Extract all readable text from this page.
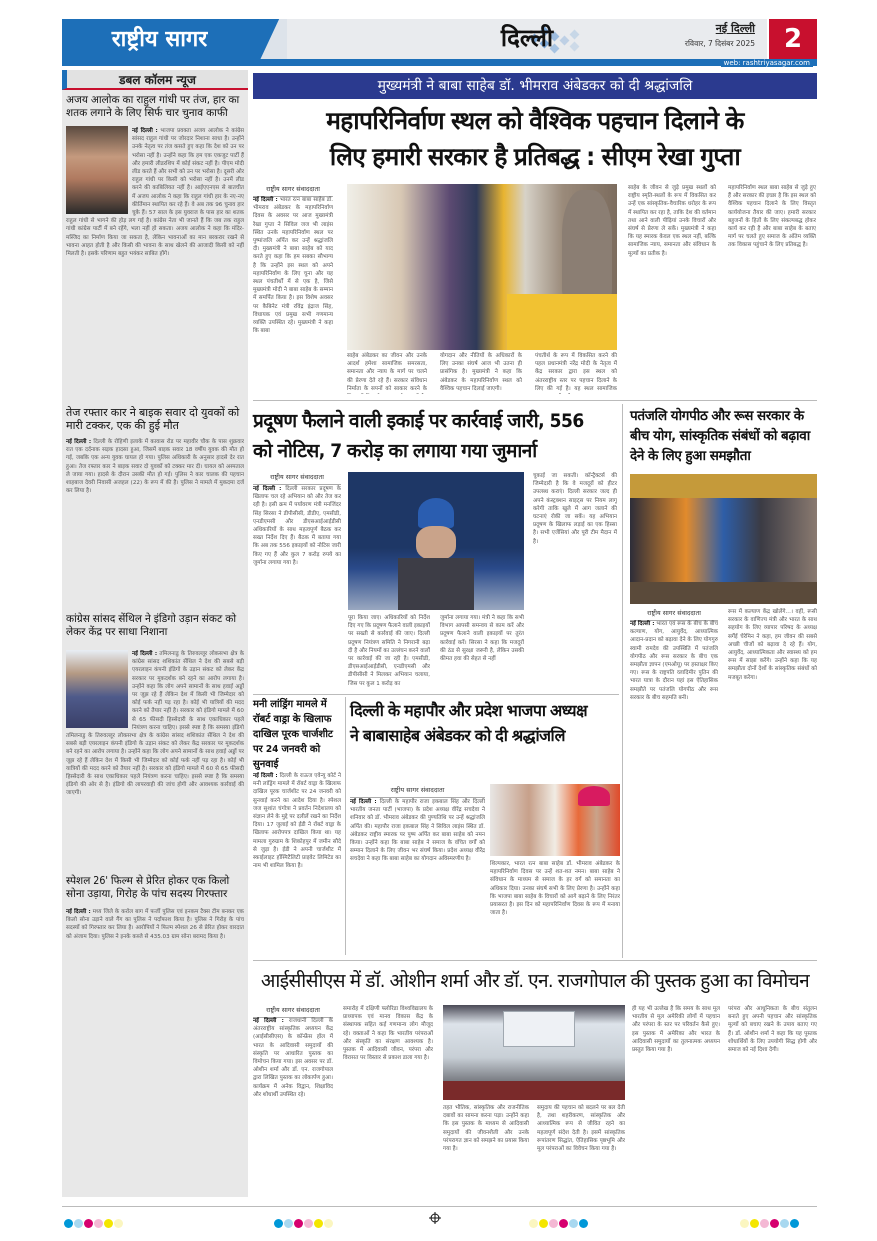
राष्ट्रीय सागर	दिल्ली	नई दिल्ली
रविवार, 7 दिसंबर 2025	2
web: rashtriyasagar.com
डबल कॉलम न्यूज
अजय आलोक का राहुल गांधी पर तंज, हार का शतक लगाने के लिए सिर्फ चार चुनाव काफी
नई दिल्ली : भाजपा प्रवक्ता अजय आलोक ने कांग्रेस सांसद राहुल गांधी पर जोरदार निशाना साधा है। उन्होंने उनके नेतृत्व पर तंज कसते हुए कहा कि देश को उन पर भरोसा नहीं है। उन्होंने कहा कि हम एक एकजुट पार्टी हैं और हमारी लीडरशिप में कोई संकट नहीं है। पीएम मोदी लीड करते हैं और सभी को उन पर भरोसा है। दूसरी ओर राहुल गांधी पर किसी को भरोसा नहीं है। उनमें लीड करने की काबिलियत नहीं है। आईएएनएस से बातचीत में अजय आलोक ने कहा कि राहुल गांधी हार के नए-नए कीर्तिमान स्थापित कर रहे हैं। वे अब तक 96 चुनाव हार चुके हैं। 57 साल के इस युवराज के पास हार का शतक
राहुल गांधी से भागने की होड़ लग गई है। कांग्रेस नेता भी जानते हैं कि जब तक राहुल गांधी कांग्रेस पार्टी में बने रहेंगे, भला नहीं हो सकता। अजय आलोक ने कहा कि मंदिर-मस्जिद का निर्माण किया जा सकता है, लेकिन भावनाओं का मान बरकरार रखने से भावना आहत होती है और किसी की भावना के साथ खेलने की आजादी किसी को नहीं मिलती है। इसके परिणाम बहुत भयंकर साबित होंगे।
तेज रफ्तार कार ने बाइक सवार दो युवकों को मारी टक्कर, एक की हुई मौत
नई दिल्ली : दिल्ली के रोहिणी इलाके में कावास रोड पर महावीर चौक के पास शुक्रवार रात एक दर्दनाक सड़क हादसा हुआ, जिसमें बाइक सवार 18 वर्षीय युवक की मौत हो गई, जबकि एक अन्य युवक घायल हो गया। पुलिस अधिकारी के अनुसार हादसे देर रात हुआ। तेज रफ्तार कार ने बाइक सवार दो युवकों को टक्कर मार दी। घायल को अस्पताल ले जाया गया। हादसे के दौरान उसकी मौत हो गई। पुलिस ने कार चालक की पहचान शाहबाज देवरी निवासी अजहल (22) के रूप में की है। पुलिस ने मामले में मुकदमा दर्ज कर लिया है।
कांग्रेस सांसद सेंथिल ने इंडिगो उड़ान संकट को लेकर केंद्र पर साधा निशाना
नई दिल्ली : तमिलनाडु के तिरुवल्लूर लोकसभा क्षेत्र के कांग्रेस सांसद शशिकांत सेंथिल ने देश की सबसे बड़ी एयरलाइन कंपनी इंडिगो के उड़ान संकट को लेकर केंद्र सरकार पर मूकदर्शक बने रहने का आरोप लगाया है। उन्होंने कहा कि लोग अपने सामानों के साथ हवाई अड्डों पर जूझ रहे हैं लेकिन देश में किसी भी जिम्मेदार को कोई फर्क नहीं पड़ रहा है। कोई भी यात्रियों की मदद करने को तैयार नहीं है। सरकार को इंडिगो मामले में 60 से 65 फीसदी हिस्सेदारी के साथ एकाधिकार पहले नियंत्रण करना चाहिए। इससे स्पष्ट है कि समस्या इंडिगो
तमिलनाडु के तिरुवल्लूर लोकसभा क्षेत्र के कांग्रेस सांसद शशिकांत सेंथिल ने देश की सबसे बड़ी एयरलाइन कंपनी इंडिगो के उड़ान संकट को लेकर केंद्र सरकार पर मूकदर्शक बने रहने का आरोप लगाया है। उन्होंने कहा कि लोग अपने सामानों के साथ हवाई अड्डों पर जूझ रहे हैं लेकिन देश में किसी भी जिम्मेदार को कोई फर्क नहीं पड़ रहा है। कोई भी यात्रियों की मदद करने को तैयार नहीं है। सरकार को इंडिगो मामले में 60 से 65 फीसदी हिस्सेदारी के साथ एकाधिकार पहले नियंत्रण करना चाहिए। इससे स्पष्ट है कि समस्या इंडिगो की ओर से है। इंडिगो की लापरवाही की जांच होगी और आवश्यक कार्रवाई की जाएगी।
स्पेशल 26' फिल्म से प्रेरित होकर एक किलो सोना उड़ाया, गिरोह के पांच सदस्य गिरफ्तार
नई दिल्ली : मध्य जिले के करोल बाग में फर्जी पुलिस एवं इनकम टैक्स टीम बनकर एक किलो सोना उड़ाने वाले गैंग का पुलिस ने पर्दाफाश किया है। पुलिस ने गिरोह के पांच सदस्यों को गिरफ्तार कर लिया है। आरोपियों ने फिल्म स्पेशल 26 से प्रेरित होकर वारदात को अंजाम दिया। पुलिस ने इनके कब्जे से 435.03 ग्राम सोना बरामद किया है।
मुख्यमंत्री ने बाबा साहेब डॉ. भीमराव अंबेडकर को दी श्रद्धांजलि
महापरिनिर्वाण स्थल को वैश्विक पहचान दिलाने के
लिए हमारी सरकार है प्रतिबद्ध : सीएम रेखा गुप्ता
राष्ट्रीय सागर संवाददाता
नई दिल्ली : भारत रत्न बाबा साहेब डॉ. भीमराव अंबेडकर के महापरिनिर्वाण दिवस के अवसर पर आज मुख्यमंत्री रेखा गुप्ता ने सिविल जज भी लाइंस स्थित उनके महापरिनिर्वाण स्थल पर पुष्पांजलि अर्पित कर उन्हें श्रद्धांजलि दी। मुख्यमंत्री ने बाबा साहेब को याद करते हुए कहा कि हम सबका सौभाग्य है कि उन्होंने इस स्थल को अपने महापरिनिर्वाण के लिए चुना और यह स्थल पंचतीर्थों में से एक है, जिसे मुख्यमंत्री मोदी ने बाबा साहेब के सम्मान में समर्पित किया है। इस विशेष अवसर पर कैबिनेट मंत्री रविंद्र इंद्राज सिंह, विधायक एवं प्रमुख सभी गणमान्य व्यक्ति उपस्थित रहे। मुख्यमंत्री ने कहा कि बाबा
साहेब अंबेडकर का जीवन और उनके आदर्श हमेशा सामाजिक समरसता, समानता और न्याय के मार्ग पर चलने की प्रेरणा देते रहे हैं। सरकार संविधान निर्माता के सपनों को साकार करने के
योगदान और नीतियों के अधिकारों के लिए उनका संघर्ष आज भी उतना ही प्रासंगिक है। मुख्यमंत्री ने कहा कि अंबेडकर के महापरिनिर्वाण स्थल को वैश्विक पहचान दिलाई जाएगी।
पंचतीर्थ के रूप में विकसित करने की पहल प्रधानमंत्री नरेंद्र मोदी के नेतृत्व में केंद्र सरकार द्वारा इस स्थल को अंतरराष्ट्रीय स्तर पर पहचान दिलाने के लिए की गई है। यह स्थल सामाजिक
साहेब के जीवन से जुड़े प्रमुख स्थलों को राष्ट्रीय स्मृति-स्थलों के रूप में विकसित कर उन्हें एक सांस्कृतिक-वैचारिक धरोहर के रूप में स्थापित कर रहा है, ताकि देश की वर्तमान तथा आने वाली पीढ़ियां उनके विचारों और संघर्ष से प्रेरणा ले सकें। मुख्यमंत्री ने कहा कि यह स्मारक केवल एक स्थल नहीं, बल्कि सामाजिक न्याय, समानता और संविधान के मूल्यों का प्रतीक है।
महापरिनिर्वाण स्थल बाबा साहेब से जुड़े हुए हैं और सरकार की इच्छा है कि इस स्थल को वैश्विक पहचान दिलाने के लिए विस्तृत कार्ययोजना तैयार की जाए। हमारी सरकार बहुजनों के हितों के लिए संकल्पबद्ध होकर कार्य कर रही है और बाबा साहेब के बताए मार्ग पर चलते हुए समाज के अंतिम व्यक्ति तक विकास पहुंचाने के लिए प्रतिबद्ध है।
प्रदूषण फैलाने वाली इकाई पर कार्रवाई जारी, 556
को नोटिस, 7 करोड़ का लगाया गया जुमार्ना
राष्ट्रीय सागर संवाददाता
नई दिल्ली : दिल्ली सरकार प्रदूषण के खिलाफ चल रहे अभियान को और तेज कर रही है। इसी क्रम में पर्यावरण मंत्री मनजिंदर सिंह सिरसा ने डीपीसीसी, डीडीए, एमसीडी, एनडीएमसी और डीएसआईआईडीसी अधिकारियों के साथ महत्वपूर्ण बैठक कर सख्त निर्देश दिए हैं। बैठक में बताया गया कि अब तक 556 इकाइयों को नोटिस जारी किए गए हैं और कुल 7 करोड़ रुपये का जुर्माना लगाया गया है।
पूरा किया जाए। अधिकारियों को निर्देश दिए गए कि प्रदूषण फैलाने वाली इकाइयों पर सख्ती से कार्रवाई की जाए। दिल्ली प्रदूषण नियंत्रण समिति ने निगरानी बढ़ा दी है और नियमों का उल्लंघन करने वालों पर कार्रवाई की जा रही है। एमसीडी, डीएसआईआईडीसी, एनडीएमसी और डीपीसीसी ने मिलकर अभियान चलाया, जिस पर कुल 1 करोड़ का
जुर्माना लगाया गया। मंत्री ने कहा कि सभी विभाग आपसी समन्वय से काम करें और प्रदूषण फैलाने वाली इकाइयों पर तुरंत कार्रवाई करें। सिरसा ने कहा कि मजदूरों की ठंड से सुरक्षा जरूरी है, लेकिन उसकी कीमत हवा की सेहत से नहीं
चुकाई जा सकती। कॉन्ट्रैक्टर्स की जिम्मेदारी है कि वे मजदूरों को हीटर उपलब्ध कराएं। दिल्ली सरकार जल्द ही अपने कंस्ट्रक्शन साइट्स पर नियम लागू करेगी ताकि खुले में आग जलाने की घटनाएं रोकी जा सकें। यह अभियान प्रदूषण के खिलाफ लड़ाई का एक हिस्सा है। सभी एजेंसियां और पूरी टीम मैदान में है।
पतंजलि योगपीठ और रूस सरकार के बीच योग, सांस्कृतिक संबंधों को बढ़ावा देने के लिए हुआ समझौता
राष्ट्रीय सागर संवाददाता
नई दिल्ली : भारत एवं रूस के बीच के बीच कल्याण, योग, आयुर्वेद, आध्यात्मिक आदान-प्रदान को बढ़ावा देने के लिए योगगुरु स्वामी रामदेव की उपस्थिति में पतंजलि योगपीठ और रूस सरकार के बीच एक समझौता ज्ञापन (एमओयू) पर हस्ताक्षर किए गए। रूस के राष्ट्रपति व्लादिमीर पुतिन की भारत यात्रा के दौरान यहां इस ऐतिहासिक समझौते पर पतंजलि योगपीठ और रूस सरकार के बीच सहमति बनी।
रूस में कल्याण केंद्र खोलेंगे...। वहीं, रूसी सरकार के वाणिज्य मंत्री और भारत के साथ सहयोग के लिए व्यापार परिषद के अध्यक्ष सर्गेई चेरेमिन ने कहा, हम जीवन की सबसे अच्छी चीजों को बढ़ावा दे रहे हैं। योग, आयुर्वेद, आध्यात्मिकता और स्वास्थ्य को हम रूस में साझा करेंगे। उन्होंने कहा कि यह समझौता दोनों देशों के सांस्कृतिक संबंधों को मजबूत करेगा।
मनी लांड्रिंग मामले में रॉबर्ट वाड्रा के खिलाफ दाखिल पूरक चार्जशीट पर 24 जनवरी को सुनवाई
नई दिल्ली : दिल्ली के राऊज एवेन्यू कोर्ट ने मनी लांड्रिंग मामले में रॉबर्ट वाड्रा के खिलाफ दाखिल पूरक चार्जशीट पर 24 जनवरी को सुनवाई करने का आदेश दिया है। स्पेशल जज सुशांत चंगोत्रा ने प्रवर्तन निदेशालय को संज्ञान लेने के मुद्दे पर दलीलें रखने का निर्देश दिया। 17 जुलाई को ईडी ने रॉबर्ट वाड्रा के खिलाफ आरोपपत्र दाखिल किया था। यह मामला गुरुग्राम के शिकोहपुर में जमीन सौदे से जुड़ा है। ईडी ने अपनी चार्जशीट में स्काईलाइट हॉस्पिटैलिटी प्राइवेट लिमिटेड का नाम भी शामिल किया है।
दिल्ली के महापौर और प्रदेश भाजपा अध्यक्ष
ने बाबासाहेब अंबेडकर को दी श्रद्धांजलि
राष्ट्रीय सागर संवाददाता
नई दिल्ली : दिल्ली के महापौर राजा इकबाल सिंह और दिल्ली भारतीय जनता पार्टी (भाजपा) के प्रदेश अध्यक्ष वीरेंद्र सचदेवा ने शनिवार को डॉ. भीमराव अंबेडकर की पुण्यतिथि पर उन्हें श्रद्धांजलि अर्पित की। महापौर राजा इकबाल सिंह ने सिविल लाइंस स्थित डॉ. अंबेडकर राष्ट्रीय स्मारक पर पुष्प अर्पित कर बाबा साहेब को नमन किया। उन्होंने कहा कि बाबा साहेब ने समाज के वंचित वर्गों को सम्मान दिलाने के लिए जीवन भर संघर्ष किया। प्रदेश अध्यक्ष वीरेंद्र सचदेवा ने कहा कि बाबा साहेब का योगदान अविस्मरणीय है।
शिल्पकार, भारत रत्न बाबा साहेब डॉ. भीमराव अंबेडकर के महापरिनिर्वाण दिवस पर उन्हें शत-शत नमन। बाबा साहेब ने संविधान के माध्यम से समाज के हर वर्ग को समानता का अधिकार दिया। उनका संघर्ष सभी के लिए प्रेरणा है। उन्होंने कहा कि भाजपा बाबा साहेब के विचारों को आगे बढ़ाने के लिए निरंतर प्रयासरत है। इस दिन को महापरिनिर्वाण दिवस के रूप में मनाया जाता है।
आईसीसीएस में डॉ. ओशीन शर्मा और डॉ. एन. राजगोपाल की पुस्तक हुआ का विमोचन
राष्ट्रीय सागर संवाददाता
नई दिल्ली : राजधानी दिल्ली के अंतरराष्ट्रीय सांस्कृतिक अध्ययन केंद्र (आईसीसीएस) के कॉन्फ्रेंस हॉल में भारत के आदिवासी समुदायों की संस्कृति पर आधारित पुस्तक का विमोचन किया गया। इस अवसर पर डॉ. ओशीन शर्मा और डॉ. एन. राजगोपाल द्वारा लिखित पुस्तक का लोकार्पण हुआ। कार्यक्रम में अनेक विद्वान, शिक्षाविद और शोधार्थी उपस्थित रहे।
समारोह में दक्षिणी फ्लोरिडा विश्वविद्यालय के प्राध्यापक एवं मानव विकास केंद्र के संस्थापक सहित कई गणमान्य लोग मौजूद रहे। वक्ताओं ने कहा कि भारतीय परंपराओं और संस्कृति का संरक्षण आवश्यक है। पुस्तक में आदिवासी जीवन, परंपरा और विरासत पर विस्तार से प्रकाश डाला गया है।
तहत भौतिक, सांस्कृतिक और राजनीतिक दबावों का सामना करना पड़ा। उन्होंने कहा कि इस पुस्तक के माध्यम से आदिवासी समुदायों की जीवनशैली और उनके परंपरागत ज्ञान को समझने का प्रयास किया गया है।
समुदाय की पहचान को बदलने पर बल देती है, तथा शहरीकरण, सांस्कृतिक और आध्यात्मिक रूप से जीवित रहने का महत्वपूर्ण संदेश देती है। इसमें सांस्कृतिक रूपांतरण सिद्धांत, ऐतिहासिक पृष्ठभूमि और मूल परंपराओं का विवेचन किया गया है।
ही यह भी उल्लेख है कि समय के साथ मूल भारतीय से मूल अमेरिकी लोगों में पहचान और परंपरा के स्तर पर परिवर्तन कैसे हुए। इस पुस्तक में अमेरिका और भारत के आदिवासी समुदायों का तुलनात्मक अध्ययन प्रस्तुत किया गया है।
परंपरा और आधुनिकता के बीच संतुलन बनाते हुए अपनी पहचान और सांस्कृतिक मूल्यों को बचाए रखने के उपाय बताए गए हैं। डॉ. ओशीन शर्मा ने कहा कि यह पुस्तक शोधार्थियों के लिए उपयोगी सिद्ध होगी और समाज को नई दिशा देगी।
